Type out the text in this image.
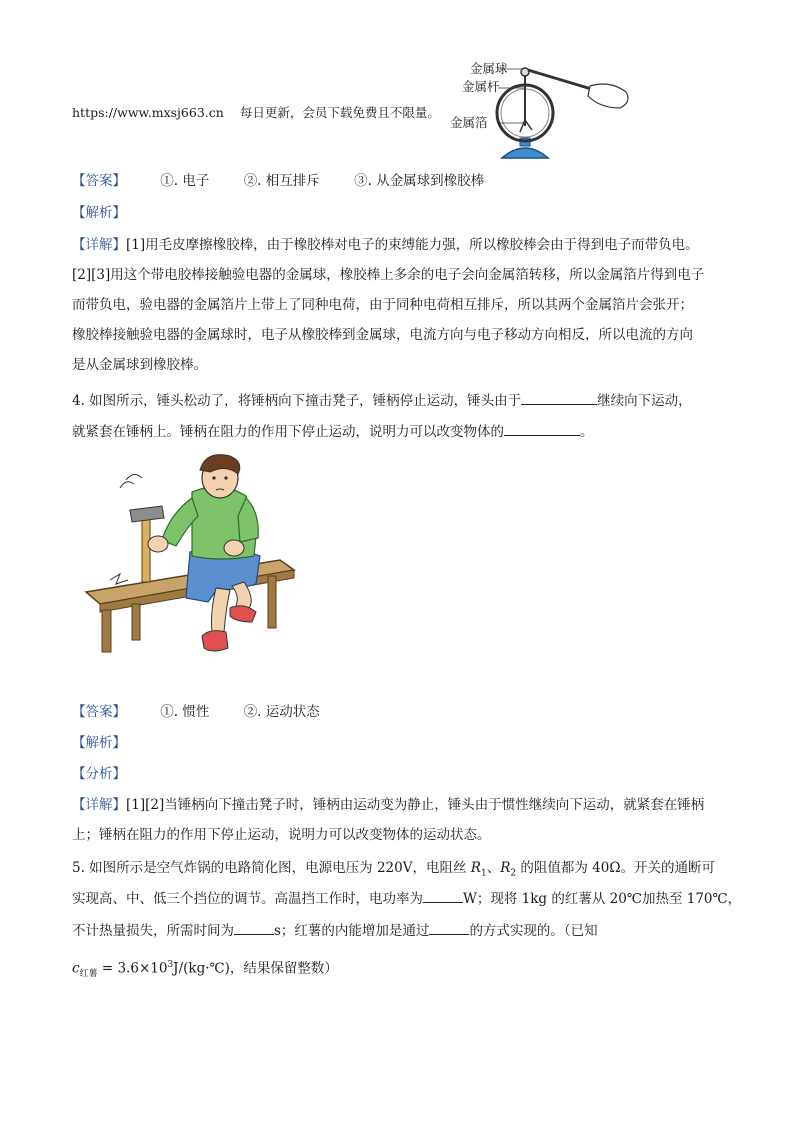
https://www.mxsj663.cn 每日更新，会员下载免费且不限量。
金属球
金属杆
金属箔
【答案】	①. 电子	②. 相互排斥	③. 从金属球到橡胶棒
【解析】
【详解】[1]用毛皮摩擦橡胶棒，由于橡胶棒对电子的束缚能力强，所以橡胶棒会由于得到电子而带负电。
[2][3]用这个带电胶棒接触验电器的金属球，橡胶棒上多余的电子会向金属箔转移，所以金属箔片得到电子
而带负电，验电器的金属箔片上带上了同种电荷，由于同种电荷相互排斥，所以其两个金属箔片会张开；
橡胶棒接触验电器的金属球时，电子从橡胶棒到金属球，电流方向与电子移动方向相反，所以电流的方向
是从金属球到橡胶棒。
4. 如图所示，锤头松动了，将锤柄向下撞击凳子，锤柄停止运动，锤头由于	继续向下运动，
就紧套在锤柄上。锤柄在阻力的作用下停止运动，说明力可以改变物体的	。
【答案】	①. 惯性	②. 运动状态
【解析】
【分析】
【详解】[1][2]当锤柄向下撞击凳子时，锤柄由运动变为静止，锤头由于惯性继续向下运动，就紧套在锤柄
上；锤柄在阻力的作用下停止运动，说明力可以改变物体的运动状态。
5. 如图所示是空气炸锅的电路简化图，电源电压为 220V，电阻丝 $R_1$、$R_2$ 的阻值都为 40Ω。开关的通断可
实现高、中、低三个挡位的调节。高温挡工作时，电功率为	W；现将 1kg 的红薯从 20℃加热至 170℃，
不计热量损失，所需时间为	s；红薯的内能增加是通过	的方式实现的。（已知
$c_{红薯}$ = $3.6\times 10^3J/(kg\cdot℃)$，结果保留整数）
